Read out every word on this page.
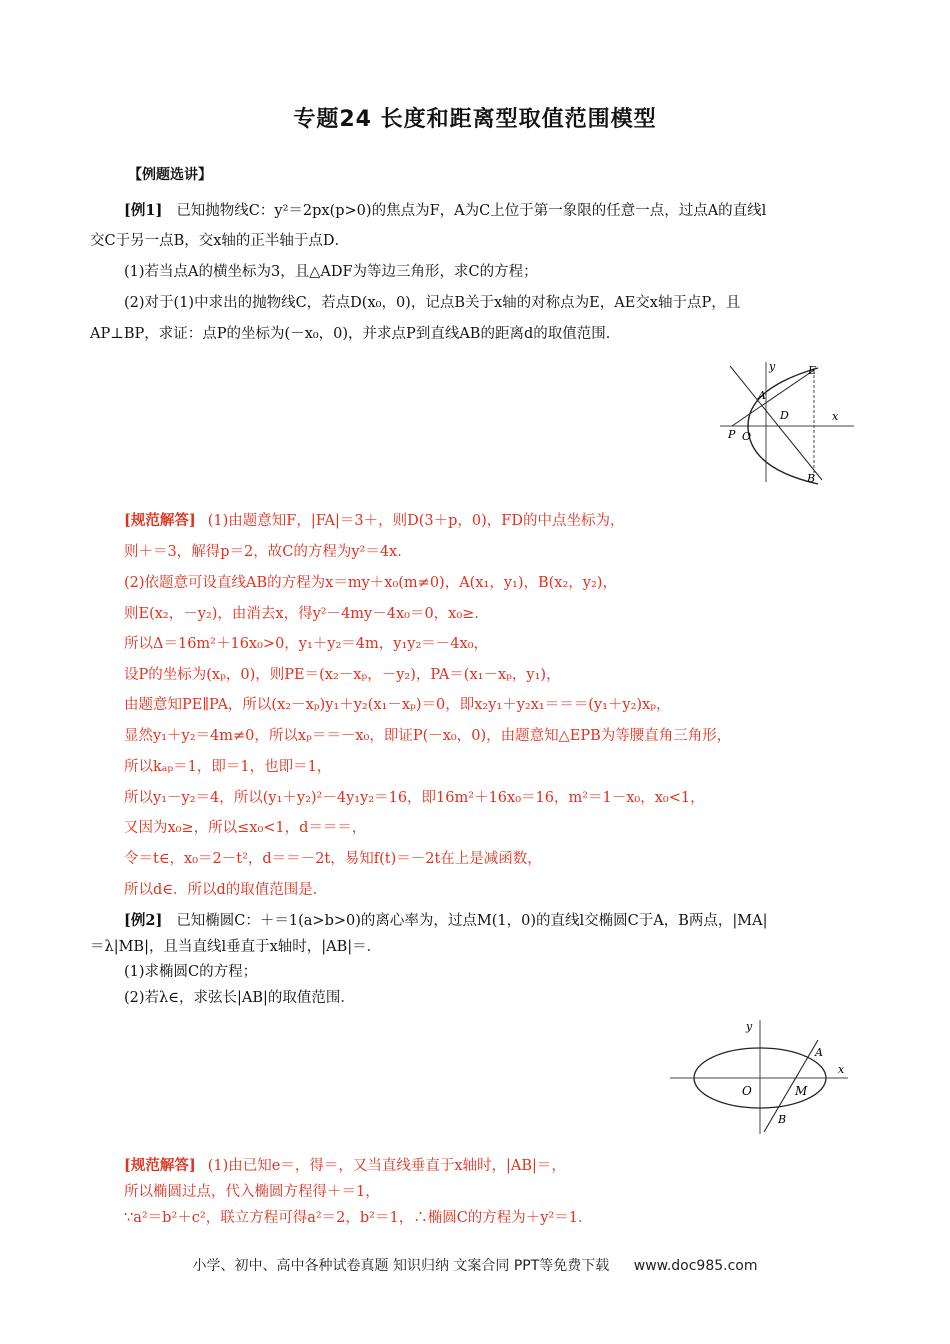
专题24 长度和距离型取值范围模型
【例题选讲】
[例1] 已知抛物线C：y²＝2px(p>0)的焦点为F，A为C上位于第一象限的任意一点，过点A的直线l
交C于另一点B，交x轴的正半轴于点D．
(1)若当点A的横坐标为3，且△ADF为等边三角形，求C的方程；
(2)对于(1)中求出的抛物线C，若点D(x₀，0)，记点B关于x轴的对称点为E，AE交x轴于点P，且
AP⊥BP，求证：点P的坐标为(－x₀，0)，并求点P到直线AB的距离d的取值范围．
y
x
E
A
D
P O
B
[规范解答] (1)由题意知F，|FA|＝3＋，则D(3＋p，0)，FD的中点坐标为，
则＋＝3，解得p＝2，故C的方程为y²＝4x．
(2)依题意可设直线AB的方程为x＝my＋x₀(m≠0)，A(x₁，y₁)，B(x₂，y₂)，
则E(x₂，－y₂)，由消去x，得y²－4my－4x₀＝0，x₀≥．
所以Δ＝16m²＋16x₀>0，y₁＋y₂＝4m，y₁y₂＝－4x₀，
设P的坐标为(xₚ，0)，则PE＝(x₂－xₚ，－y₂)，PA＝(x₁－xₚ，y₁)，
由题意知PE∥PA，所以(x₂－xₚ)y₁＋y₂(x₁－xₚ)＝0，即x₂y₁＋y₂x₁＝＝＝(y₁＋y₂)xₚ，
显然y₁＋y₂＝4m≠0，所以xₚ＝＝－x₀，即证P(－x₀，0)，由题意知△EPB为等腰直角三角形，
所以kₐₚ＝1，即＝1，也即＝1，
所以y₁－y₂＝4，所以(y₁＋y₂)²－4y₁y₂＝16，即16m²＋16x₀＝16，m²＝1－x₀，x₀<1，
又因为x₀≥，所以≤x₀<1，d＝＝＝，
令＝t∈，x₀＝2－t²，d＝＝－2t，易知f(t)＝－2t在上是减函数，
所以d∈．所以d的取值范围是．
[例2] 已知椭圆C：＋＝1(a>b>0)的离心率为，过点M(1，0)的直线l交椭圆C于A，B两点，|MA|
＝λ|MB|，且当直线l垂直于x轴时，|AB|＝．
(1)求椭圆C的方程；
(2)若λ∈，求弦长|AB|的取值范围．
y
x
A
O	M
B
[规范解答] (1)由已知e＝，得＝，又当直线垂直于x轴时，|AB|＝，
所以椭圆过点，代入椭圆方程得＋＝1，
∵a²＝b²＋c²，联立方程可得a²＝2，b²＝1，∴椭圆C的方程为＋y²＝1．
小学、初中、高中各种试卷真题 知识归纳 文案合同 PPT等免费下载 www.doc985.com
